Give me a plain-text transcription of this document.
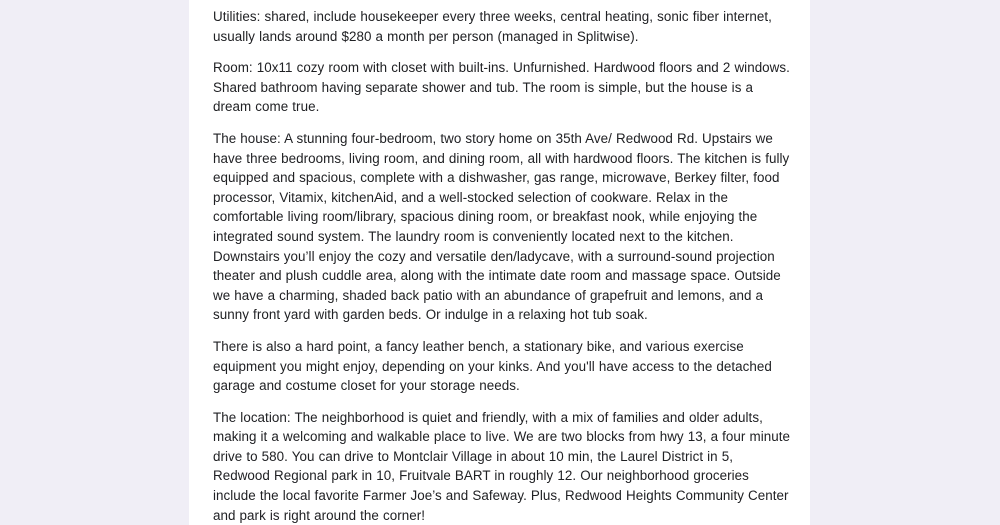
Utilities: shared, include housekeeper every three weeks, central heating, sonic fiber internet, usually lands around $280 a month per person (managed in Splitwise).

Room: 10x11 cozy room with closet with built-ins. Unfurnished. Hardwood floors and 2 windows. Shared bathroom having separate shower and tub. The room is simple, but the house is a dream come true.

The house: A stunning four-bedroom, two story home on 35th Ave/ Redwood Rd. Upstairs we have three bedrooms, living room, and dining room, all with hardwood floors. The kitchen is fully equipped and spacious, complete with a dishwasher, gas range, microwave, Berkey filter, food processor, Vitamix, kitchenAid, and a well-stocked selection of cookware. Relax in the comfortable living room/library, spacious dining room, or breakfast nook, while enjoying the integrated sound system. The laundry room is conveniently located next to the kitchen. Downstairs you’ll enjoy the cozy and versatile den/ladycave, with a surround-sound projection theater and plush cuddle area, along with the intimate date room and massage space. Outside we have a charming, shaded back patio with an abundance of grapefruit and lemons, and a sunny front yard with garden beds. Or indulge in a relaxing hot tub soak.

There is also a hard point, a fancy leather bench, a stationary bike, and various exercise equipment you might enjoy, depending on your kinks. And you'll have access to the detached garage and costume closet for your storage needs.

The location: The neighborhood is quiet and friendly, with a mix of families and older adults, making it a welcoming and walkable place to live. We are two blocks from hwy 13, a four minute drive to 580. You can drive to Montclair Village in about 10 min, the Laurel District in 5, Redwood Regional park in 10, Fruitvale BART in roughly 12. Our neighborhood groceries include the local favorite Farmer Joe’s and Safeway. Plus, Redwood Heights Community Center and park is right around the corner!
